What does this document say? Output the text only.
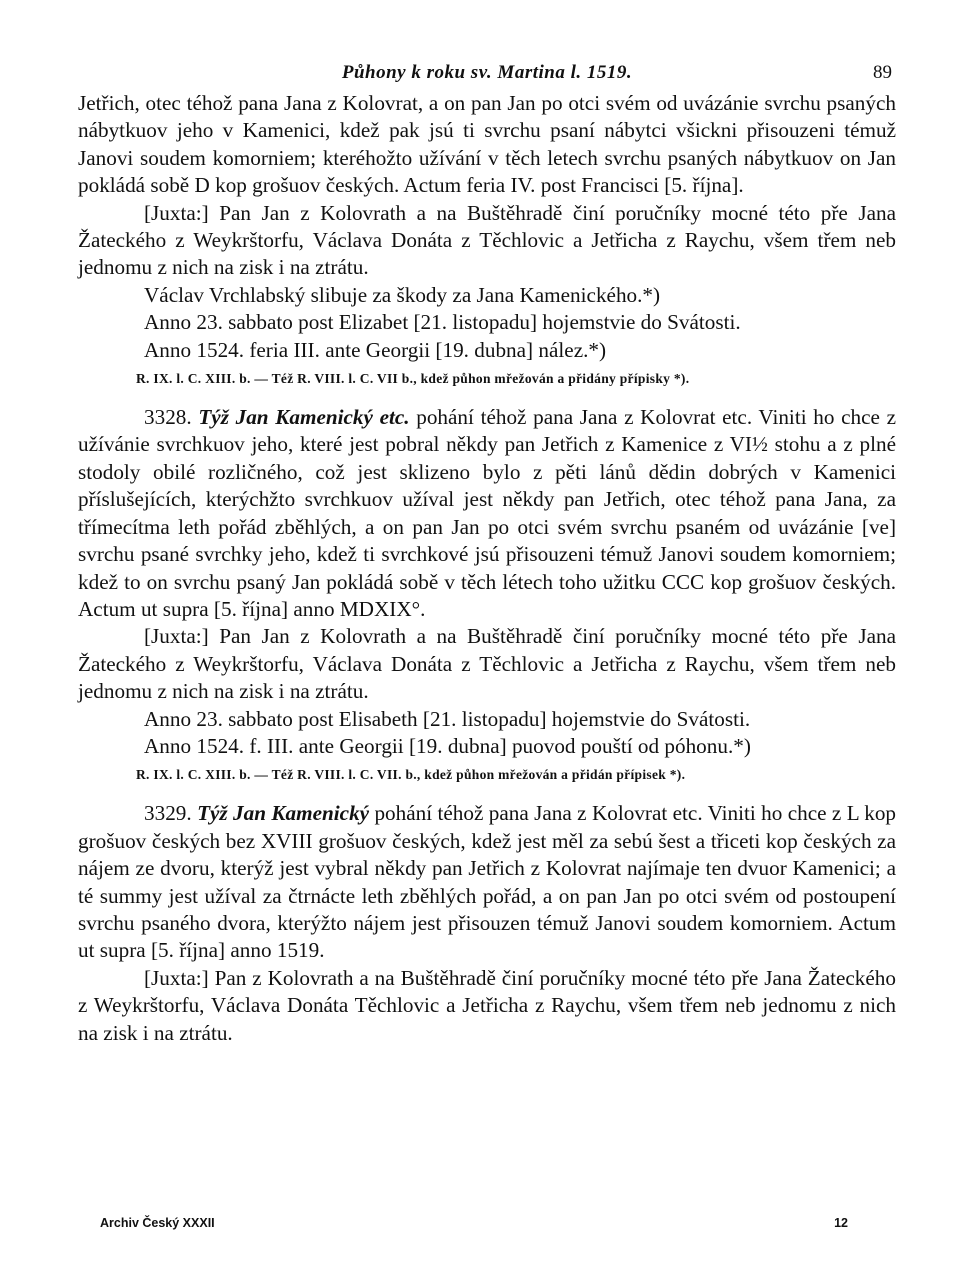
Půhony k roku sv. Martina l. 1519.	89

Jetřich, otec téhož pana Jana z Kolovrat, a on pan Jan po otci svém od uvázánie svrchu psaných nábytkuov jeho v Kamenici, kdež pak jsú ti svrchu psaní nábytci všickni přisouzeni témuž Janovi soudem komorniem; kteréhožto užívání v těch letech svrchu psaných nábytkuov on Jan pokládá sobě D kop grošuov českých. Actum feria IV. post Francisci [5. října].

[Juxta:] Pan Jan z Kolovrath a na Buštěhradě činí poručníky mocné této pře Jana Žateckého z Weykrštorfu, Václava Donáta z Těchlovic a Jetřicha z Raychu, všem třem neb jednomu z nich na zisk i na ztrátu.

Václav Vrchlabský slibuje za škody za Jana Kamenického.*)

Anno 23. sabbato post Elizabet [21. listopadu] hojemstvie do Svátosti.

Anno 1524. feria III. ante Georgii [19. dubna] nález.*)

R. IX. l. C. XIII. b. — Též R. VIII. l. C. VII b., kdež půhon mřežován a přidány přípisky *).

3328. Týž Jan Kamenický etc. pohání téhož pana Jana z Kolovrat etc. Viniti ho chce z užívánie svrchkuov jeho, které jest pobral někdy pan Jetřich z Kamenice z VI½ stohu a z plné stodoly obilé rozličného, což jest sklizeno bylo z pěti lánů dědin dobrých v Kamenici příslušejících, kterýchžto svrchkuov užíval jest někdy pan Jetřich, otec téhož pana Jana, za třímecítma leth pořád zběhlých, a on pan Jan po otci svém svrchu psaném od uvázánie [ve] svrchu psané svrchky jeho, kdež ti svrchkové jsú přisouzeni témuž Janovi soudem komorniem; kdež to on svrchu psaný Jan pokládá sobě v těch létech toho užitku CCC kop grošuov českých. Actum ut supra [5. října] anno MDXIX°.

[Juxta:] Pan Jan z Kolovrath a na Buštěhradě činí poručníky mocné této pře Jana Žateckého z Weykrštorfu, Václava Donáta z Těchlovic a Jetřicha z Raychu, všem třem neb jednomu z nich na zisk i na ztrátu.

Anno 23. sabbato post Elisabeth [21. listopadu] hojemstvie do Svátosti.

Anno 1524. f. III. ante Georgii [19. dubna] puovod pouští od póhonu.*)

R. IX. l. C. XIII. b. — Též R. VIII. l. C. VII. b., kdež půhon mřežován a přidán přípisek *).

3329. Týž Jan Kamenický pohání téhož pana Jana z Kolovrat etc. Viniti ho chce z L kop grošuov českých bez XVIII grošuov českých, kdež jest měl za sebú šest a třiceti kop českých za nájem ze dvoru, kterýž jest vybral někdy pan Jetřich z Kolovrat najímaje ten dvuor Kamenici; a té summy jest užíval za čtrnácte leth zběhlých pořád, a on pan Jan po otci svém od postoupení svrchu psaného dvora, kterýžto nájem jest přisouzen témuž Janovi soudem komorniem. Actum ut supra [5. října] anno 1519.

[Juxta:] Pan z Kolovrath a na Buštěhradě činí poručníky mocné této pře Jana Žateckého z Weykrštorfu, Václava Donáta Těchlovic a Jetřicha z Raychu, všem třem neb jednomu z nich na zisk i na ztrátu.

Archiv Český XXXII	12
